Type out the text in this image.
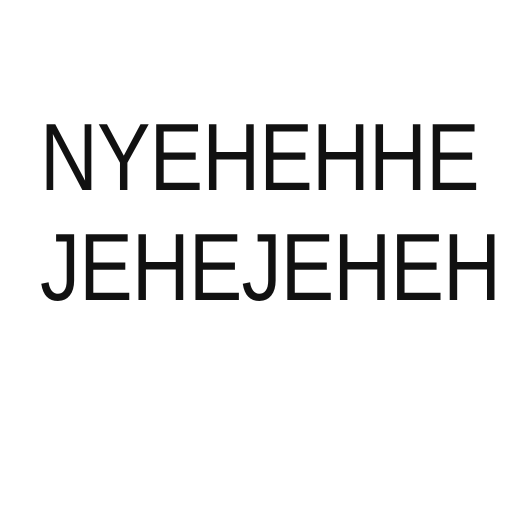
NYEHEHHE

JEHEJEHEH
